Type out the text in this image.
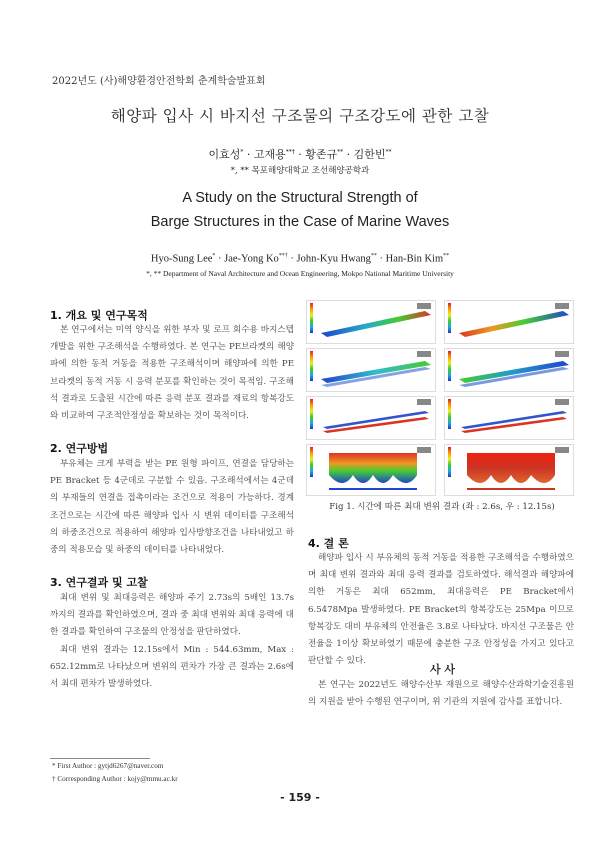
2022년도 (사)해양환경안전학회 춘계학술발표회
해양파 입사 시 바지선 구조물의 구조강도에 관한 고찰
이효성* · 고재용**† · 황존규** · 김한빈**
*, ** 목포해양대학교 조선해양공학과
A Study on the Structural Strength of
Barge Structures in the Case of Marine Waves
Hyo-Sung Lee* · Jae-Yong Ko**† · John-Kyu Hwang** · Han-Bin Kim**
*, ** Department of Naval Architecture and Ocean Engineering, Mokpo National Maritime University
1. 개요 및 연구목적

본 연구에서는 미역 양식을 위한 부자 및 로프 회수용 바지스텝 개발을 위한 구조해석을 수행하였다. 본 연구는 PE브라켓의 해양파에 의한 동적 거동을 적용한 구조해석이며 해양파에 의한 PE 브라켓의 동적 거동 시 응력 분포를 확인하는 것이 목적임. 구조해석 결과로 도출된 시간에 따른 응력 분포 결과를 재료의 항복강도와 비교하여 구조적안정성을 확보하는 것이 목적이다.

2. 연구방법

부유체는 크게 부력을 받는 PE 원형 파이프, 연결을 담당하는 PE Bracket 등 4군데로 구분할 수 있음. 구조해석에서는 4군데의 부재들의 연결을 접촉이라는 조건으로 적용이 가능하다. 경계조건으로는 시간에 따른 해양파 입사 시 변위 데이터를 구조해석의 하중조건으로 적용하여 해양파 입사방향조건을 나타내었고 하중의 적용모습 및 하중의 데이터를 나타내었다.

3. 연구결과 및 고찰

최대 변위 및 최대응력은 해양파 주기 2.73s의 5배인 13.7s 까지의 결과를 확인하였으며, 결과 중 최대 변위와 최대 응력에 대한 결과를 확인하여 구조물의 안정성을 판단하였다.

최대 변위 결과는 12.15s에서 Min : 544.63mm, Max : 652.12mm로 나타났으며 변위의 편차가 가장 큰 결과는 2.6s에서 최대 편차가 발생하였다.

* First Author : gytjd6267@naver.com
† Corresponding Author : kojy@mmu.ac.kr
Fig 1. 시간에 따른 최대 변위 결과 (좌 : 2.6s, 우 : 12.15s)
4. 결 론

해양파 입사 시 부유체의 동적 거동을 적용한 구조해석을 수행하였으며 최대 변위 결과와 최대 응력 결과를 검토하였다. 해석결과 해양파에 의한 거동은 최대 652mm, 최대응력은 PE Bracket에서 6.5478Mpa 발생하였다. PE Bracket의 항복강도는 25Mpa 이므로 항복강도 대비 부유체의 안전율은 3.8로 나타났다. 바지선 구조물은 안전율을 1이상 확보하였기 때문에 충분한 구조 안정성을 가지고 있다고 판단할 수 있다.

사 사

본 연구는 2022년도 해양수산부 재원으로 해양수산과학기술진흥원의 지원을 받아 수행된 연구이며, 위 기관의 지원에 감사를 표합니다.

- 159 -
